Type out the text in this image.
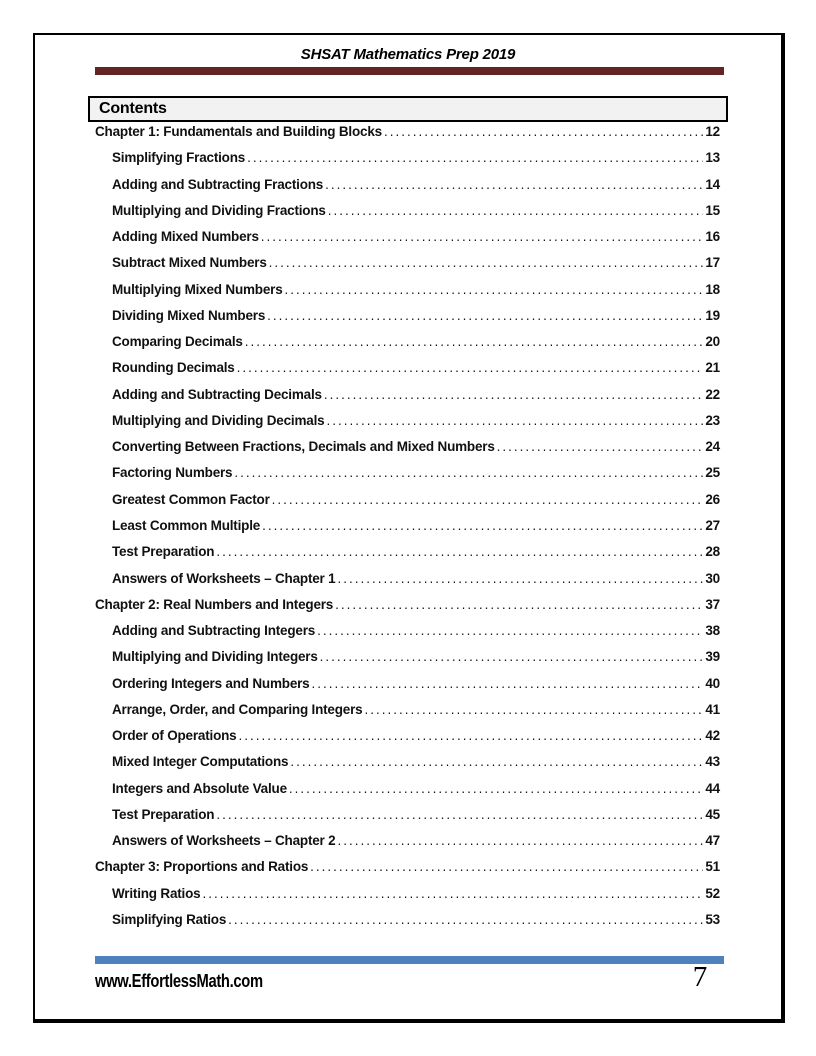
SHSAT Mathematics Prep 2019
Contents
Chapter 1: Fundamentals and Building Blocks .....	12
Simplifying Fractions .....	13
Adding and Subtracting Fractions .....	14
Multiplying and Dividing Fractions .....	15
Adding Mixed Numbers .....	16
Subtract Mixed Numbers .....	17
Multiplying Mixed Numbers .....	18
Dividing Mixed Numbers .....	19
Comparing Decimals .....	20
Rounding Decimals .....	21
Adding and Subtracting Decimals .....	22
Multiplying and Dividing Decimals .....	23
Converting Between Fractions, Decimals and Mixed Numbers .....	24
Factoring Numbers .....	25
Greatest Common Factor .....	26
Least Common Multiple .....	27
Test Preparation .....	28
Answers of Worksheets – Chapter 1 .....	30
Chapter 2: Real Numbers and Integers .....	37
Adding and Subtracting Integers .....	38
Multiplying and Dividing Integers .....	39
Ordering Integers and Numbers .....	40
Arrange, Order, and Comparing Integers .....	41
Order of Operations .....	42
Mixed Integer Computations .....	43
Integers and Absolute Value .....	44
Test Preparation .....	45
Answers of Worksheets – Chapter 2 .....	47
Chapter 3: Proportions and Ratios .....	51
Writing Ratios .....	52
Simplifying Ratios .....	53
www.EffortlessMath.com	7
